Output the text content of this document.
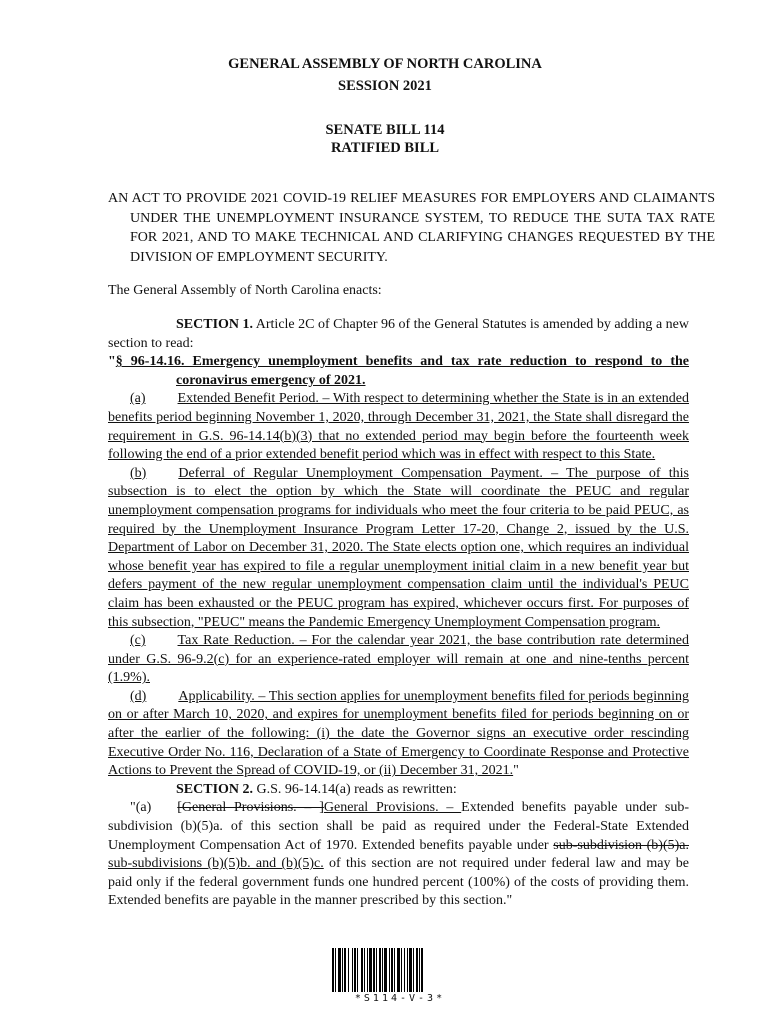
GENERAL ASSEMBLY OF NORTH CAROLINA
SESSION 2021
SENATE BILL 114
RATIFIED BILL
AN ACT TO PROVIDE 2021 COVID-19 RELIEF MEASURES FOR EMPLOYERS AND CLAIMANTS UNDER THE UNEMPLOYMENT INSURANCE SYSTEM, TO REDUCE THE SUTA TAX RATE FOR 2021, AND TO MAKE TECHNICAL AND CLARIFYING CHANGES REQUESTED BY THE DIVISION OF EMPLOYMENT SECURITY.
The General Assembly of North Carolina enacts:

SECTION 1. Article 2C of Chapter 96 of the General Statutes is amended by adding a new section to read:

"§ 96-14.16. Emergency unemployment benefits and tax rate reduction to respond to the coronavirus emergency of 2021.

(a) Extended Benefit Period. – With respect to determining whether the State is in an extended benefits period beginning November 1, 2020, through December 31, 2021, the State shall disregard the requirement in G.S. 96-14.14(b)(3) that no extended period may begin before the fourteenth week following the end of a prior extended benefit period which was in effect with respect to this State.

(b) Deferral of Regular Unemployment Compensation Payment. – The purpose of this subsection is to elect the option by which the State will coordinate the PEUC and regular unemployment compensation programs for individuals who meet the four criteria to be paid PEUC, as required by the Unemployment Insurance Program Letter 17-20, Change 2, issued by the U.S. Department of Labor on December 31, 2020. The State elects option one, which requires an individual whose benefit year has expired to file a regular unemployment initial claim in a new benefit year but defers payment of the new regular unemployment compensation claim until the individual's PEUC claim has been exhausted or the PEUC program has expired, whichever occurs first. For purposes of this subsection, "PEUC" means the Pandemic Emergency Unemployment Compensation program.

(c) Tax Rate Reduction. – For the calendar year 2021, the base contribution rate determined under G.S. 96-9.2(c) for an experience-rated employer will remain at one and nine-tenths percent (1.9%).

(d) Applicability. – This section applies for unemployment benefits filed for periods beginning on or after March 10, 2020, and expires for unemployment benefits filed for periods beginning on or after the earlier of the following: (i) the date the Governor signs an executive order rescinding Executive Order No. 116, Declaration of a State of Emergency to Coordinate Response and Protective Actions to Prevent the Spread of COVID-19, or (ii) December 31, 2021."

SECTION 2. G.S. 96-14.14(a) reads as rewritten:

"(a) [General Provisions. – ]General Provisions. – Extended benefits payable under sub-subdivision (b)(5)a. of this section shall be paid as required under the Federal-State Extended Unemployment Compensation Act of 1970. Extended benefits payable under sub-subdivision (b)(5)a. sub-subdivisions (b)(5)b. and (b)(5)c. of this section are not required under federal law and may be paid only if the federal government funds one hundred percent (100%) of the costs of providing them. Extended benefits are payable in the manner prescribed by this section."

*S114-V-3*
